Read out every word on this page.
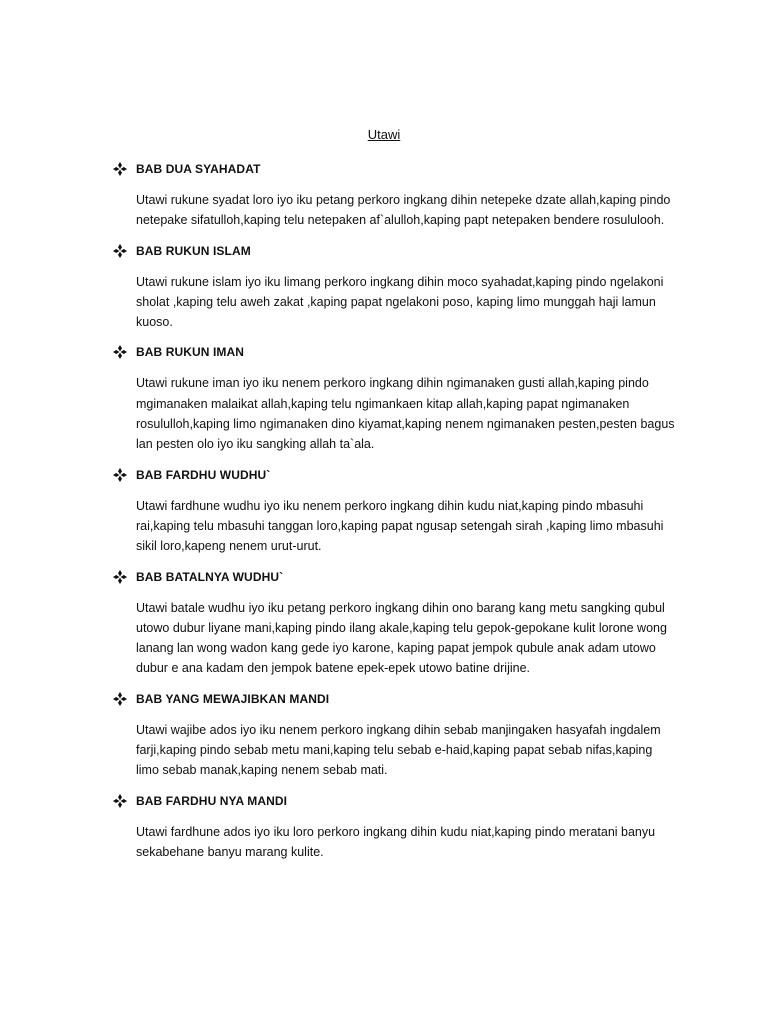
Utawi
BAB DUA SYAHADAT

Utawi rukune syadat loro iyo iku petang perkoro ingkang dihin netepeke dzate allah,kaping pindo netepake sifatulloh,kaping telu netepaken af`alulloh,kaping papt netepaken bendere rosululooh.

BAB RUKUN ISLAM

Utawi rukune islam iyo iku limang perkoro ingkang dihin moco syahadat,kaping pindo ngelakoni sholat ,kaping telu aweh zakat ,kaping papat ngelakoni poso, kaping limo munggah haji lamun kuoso.

BAB RUKUN IMAN

Utawi rukune iman iyo iku nenem perkoro ingkang dihin ngimanaken gusti allah,kaping pindo mgimanaken malaikat allah,kaping telu ngimankaen kitap allah,kaping papat ngimanaken rosululloh,kaping limo ngimanaken dino kiyamat,kaping nenem ngimanaken pesten,pesten bagus lan pesten olo iyo iku sangking allah ta`ala.

BAB FARDHU WUDHU`

Utawi fardhune wudhu iyo iku nenem perkoro ingkang dihin kudu niat,kaping pindo mbasuhi rai,kaping telu mbasuhi tanggan loro,kaping papat ngusap setengah sirah ,kaping limo mbasuhi sikil loro,kapeng nenem urut-urut.

BAB BATALNYA WUDHU`

Utawi batale wudhu iyo iku petang perkoro ingkang dihin ono barang kang metu sangking qubul utowo dubur liyane mani,kaping pindo ilang akale,kaping telu gepok-gepokane kulit lorone wong lanang lan wong wadon kang gede iyo karone, kaping papat jempok qubule anak adam utowo dubur e ana kadam den jempok batene epek-epek utowo batine drijine.

BAB YANG MEWAJIBKAN MANDI

Utawi wajibe ados iyo iku nenem perkoro ingkang dihin sebab manjingaken hasyafah ingdalem farji,kaping pindo sebab metu mani,kaping telu sebab e-haid,kaping papat sebab nifas,kaping limo sebab manak,kaping nenem sebab mati.

BAB FARDHU NYA MANDI

Utawi fardhune ados iyo iku loro perkoro ingkang dihin kudu niat,kaping pindo meratani banyu sekabehane banyu marang kulite.
